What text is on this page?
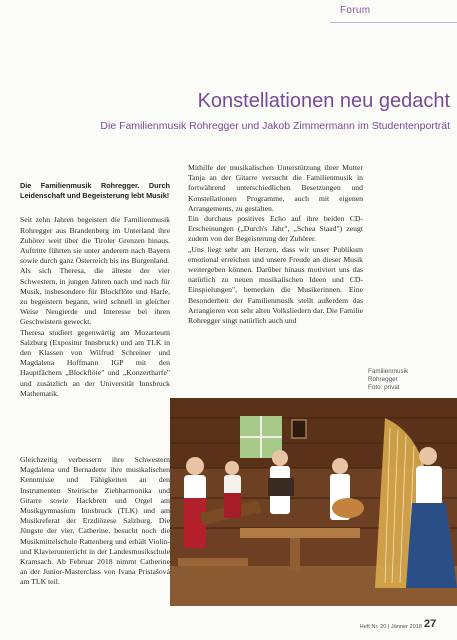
Forum
Konstellationen neu gedacht
Die Familienmusik Rohregger und Jakob Zimmermann im Studentenporträt

Die Familienmusik Rohregger. Durch Leidenschaft und Begeisterung lebt Musik!

Seit zehn Jahren begeistert die Familienmusik Rohregger aus Brandenberg im Unterland ihre Zuhörer weit über die Tiroler Grenzen hinaus. Auftritte führten sie unter anderem nach Bayern sowie durch ganz Österreich bis ins Burgenland.

Als sich Theresa, die älteste der vier Schwestern, in jungen Jahren nach und nach für Musik, insbesondere für Blockflöte und Harfe, zu begeistern begann, wird schnell in gleicher Weise Neugierde und Interesse bei ihren Geschwistern geweckt.

Theresa studiert gegenwärtig am Mozarteum Salzburg (Expositur Innsbruck) und am TLK in den Klassen von Wilfrud Schreiner und Magdalena Hoffmann IGP mit den Hauptfächern „Blockflöte" und „Konzertharfe" und zusätzlich an der Universität Innsbruck Mathematik.

Gleichzeitig verbessern ihre Schwestern Magdalena und Bernadette ihre musikalischen Kenntnisse und Fähigkeiten an den Instrumenten Steirische Ziehharmonika und Gitarre sowie Hackbrett und Orgel am Musikgymnasium Innsbruck (TLK) und am Musikreferat der Erzdiözese Salzburg. Die Jüngste der vier, Catherine, besucht noch die Musikmittelschule Rattenberg und erhält Violin- und Klavierunterricht in der Landesmusikschule Kramsach. Ab Februar 2018 nimmt Catherine an der Junior-Masterclass von Ivana Pristašová am TLK teil.

Mithilfe der musikalischen Unterstützung ihrer Mutter Tanja an der Gitarre versucht die Familienmusik in fortwährend unterschiedlichen Besetzungen und Konstellationen Programme, auch mit eigenen Arrangements, zu gestalten.

Ein durchaus positives Echo auf ihre beiden CD-Erscheinungen („Durch's Jahr", „Schea Staad") zeugt zudem von der Begeisterung der Zuhörer.

„Uns liegt sehr am Herzen, dass wir unser Publikum emotional erreichen und unsere Freude an dieser Musik weitergeben können. Darüber hinaus motiviert uns das natürlich zu neuen musikalischen Ideen und CD-Einspielungen", bemerken die Musikerinnen. Eine Besonderheit der Familienmusik stellt außerdem das Arrangieren von sehr alten Volksliedern dar. Die Familie Rohregger singt natürlich auch und

Familienmusik
Rohregger
Foto: privat
Heft Nr. 20 | Jänner 2018 27
